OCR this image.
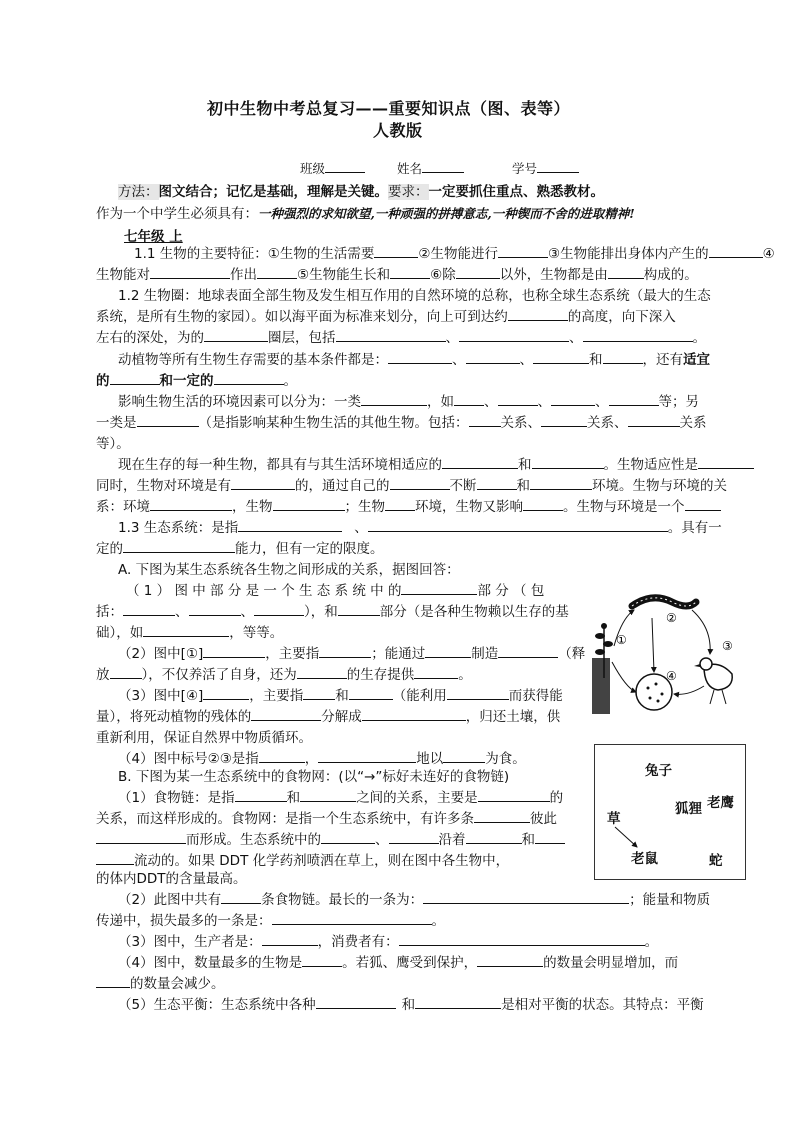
初中生物中考总复习——重要知识点（图、表等）
人教版
班级	姓名	学号
方法：图文结合；记忆是基础，理解是关键。要求：一定要抓住重点、熟悉教材。
作为一个中学生必须具有：一种强烈的求知欲望,一种顽强的拼搏意志,一种锲而不舍的进取精神!
七年级 上
1.1 生物的主要特征：①生物的生活需要	②生物能进行	③生物能排出身体内产生的	④
生物能对	作出	⑤生物能生长和	⑥除	以外，生物都是由	构成的。
1.2 生物圈：地球表面全部生物及发生相互作用的自然环境的总称，也称全球生态系统（最大的生态
系统，是所有生物的家园）。如以海平面为标准来划分，向上可到达约	的高度，向下深入
左右的深处，为的	圈层，包括	、	、	。
动植物等所有生物生存需要的基本条件都是：	、	、	和	，还有适宜
的	和一定的	。
影响生物生活的环境因素可以分为：一类	，如 、	、	、	等；另
一类是	（是指影响某种生物生活的其他生物。包括： 关系、	关系、	关系
等）。
现在生存的每一种生物，都具有与其生活环境相适应的	和	。生物适应性是
同时，生物对环境是有	的，通过自己的	不断	和	环境。生物与环境的关
系：环境	，生物	；生物 环境，生物又影响	。生物与环境是一个
1.3 生态系统：是指	、	。具有一
定的	能力，但有一定的限度。
A. 下图为某生态系统各生物之间形成的关系，据图回答：
（ 1 ） 图 中 部 分 是 一 个 生 态 系 统 中 的	部 分 （ 包
括：	、	、	），和	部分（是各种生物赖以生存的基
础），如	，等等。
（2）图中[①]	，主要指	；能通过	制造	（释
放 ），不仅养活了自身，还为	的生存提供	。
（3）图中[④]	，主要指 和	（能利用	而获得能
量），将死动植物的残体的	分解成	，归还土壤，供
重新利用，保证自然界中物质循环。
（4）图中标号②③是指	，	地以	为食。
①
②
③
④
B. 下图为某一生态系统中的食物网：(以“→”标好未连好的食物链)
（1）食物链：是指	和	之间的关系，主要是	的
关系，而这样形成的。食物网：是指一个生态系统中，有许多条	彼此
而形成。生态系统中的	、	沿着	和
流动的。如果 DDT 化学药剂喷洒在草上，则在图中各生物中，
的体内DDT的含量最高。
兔子
狐狸 老鹰
草
老鼠	蛇
（2）此图中共有	条食物链。最长的一条为：	；能量和物质
传递中，损失最多的一条是：	。
（3）图中，生产者是：	，消费者有：	。
（4）图中，数量最多的生物是	。若狐、鹰受到保护，	的数量会明显增加，而
的数量会减少。
（5）生态平衡：生态系统中各种	和	是相对平衡的状态。其特点：平衡
